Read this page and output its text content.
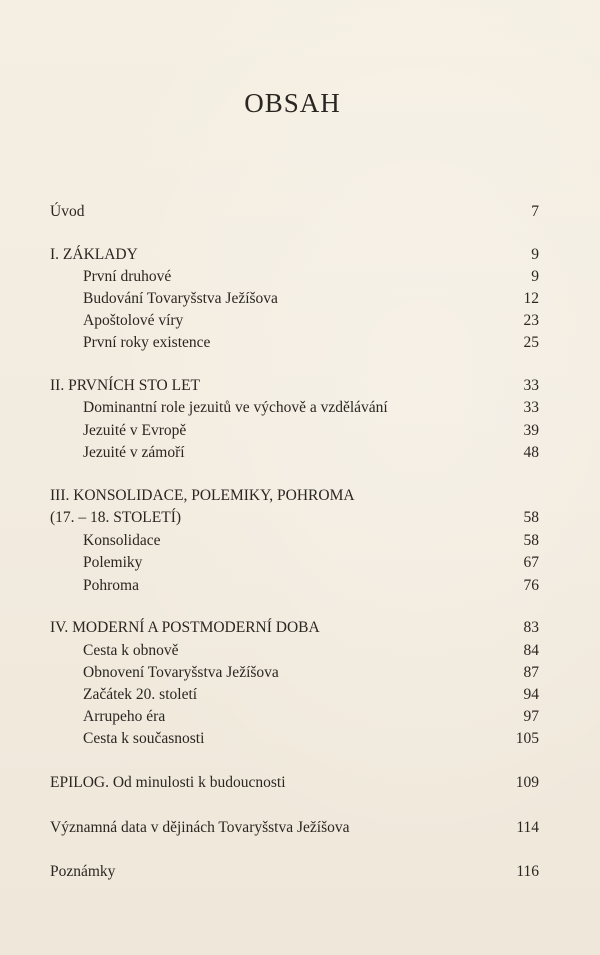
OBSAH
Úvod	7
I. ZÁKLADY	9
První druhové	9
Budování Tovaryšstva Ježíšova	12
Apoštolové víry	23
První roky existence	25
II. PRVNÍCH STO LET	33
Dominantní role jezuitů ve výchově a vzdělávání	33
Jezuité v Evropě	39
Jezuité v zámoří	48
III. KONSOLIDACE, POLEMIKY, POHROMA
(17. – 18. STOLETÍ)	58
Konsolidace	58
Polemiky	67
Pohroma	76
IV. MODERNÍ A POSTMODERNÍ DOBA	83
Cesta k obnově	84
Obnovení Tovaryšstva Ježíšova	87
Začátek 20. století	94
Arrupeho éra	97
Cesta k současnosti	105
EPILOG. Od minulosti k budoucnosti	109
Významná data v dějinách Tovaryšstva Ježíšova	114
Poznámky	116
